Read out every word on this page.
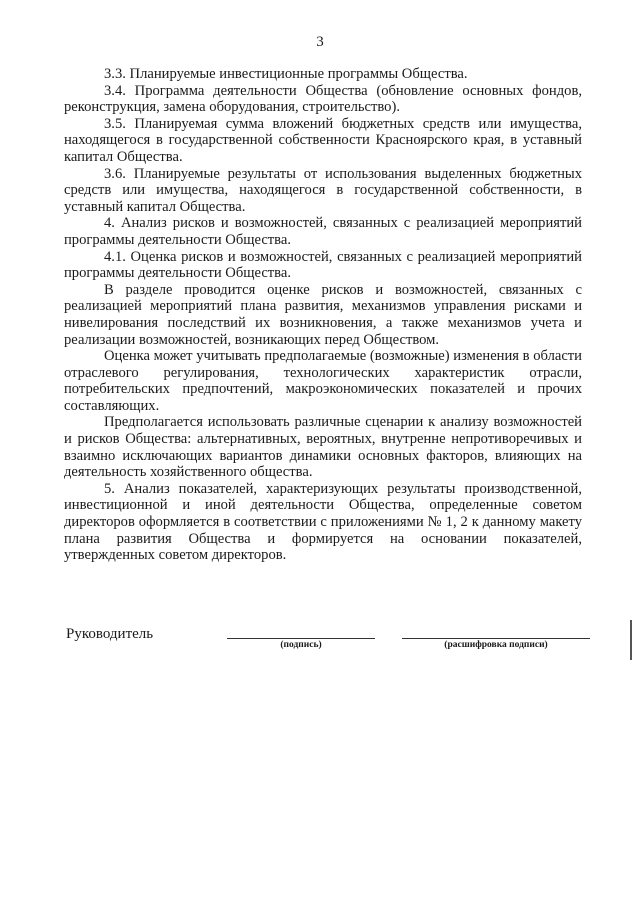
3

3.3. Планируемые инвестиционные программы Общества.

3.4. Программа деятельности Общества (обновление основных фондов, реконструкция, замена оборудования, строительство).

3.5. Планируемая сумма вложений бюджетных средств или имущества, находящегося в государственной собственности Красноярского края, в уставный капитал Общества.

3.6. Планируемые результаты от использования выделенных бюджетных средств или имущества, находящегося в государственной собственности, в уставный капитал Общества.

4. Анализ рисков и возможностей, связанных с реализацией мероприятий программы деятельности Общества.

4.1. Оценка рисков и возможностей, связанных с реализацией мероприятий программы деятельности Общества.

В разделе проводится оценке рисков и возможностей, связанных с реализацией мероприятий плана развития, механизмов управления рисками и нивелирования последствий их возникновения, а также механизмов учета и реализации возможностей, возникающих перед Обществом.

Оценка может учитывать предполагаемые (возможные) изменения в области отраслевого регулирования, технологических характеристик отрасли, потребительских предпочтений, макроэкономических показателей и прочих составляющих.

Предполагается использовать различные сценарии к анализу возможностей и рисков Общества: альтернативных, вероятных, внутренне непротиворечивых и взаимно исключающих вариантов динамики основных факторов, влияющих на деятельность хозяйственного общества.

5. Анализ показателей, характеризующих результаты производственной, инвестиционной и иной деятельности Общества, определенные советом директоров оформляется в соответствии с приложениями № 1, 2 к данному макету плана развития Общества и формируется на основании показателей, утвержденных советом директоров.

Руководитель
(подпись)	(расшифровка подписи)
